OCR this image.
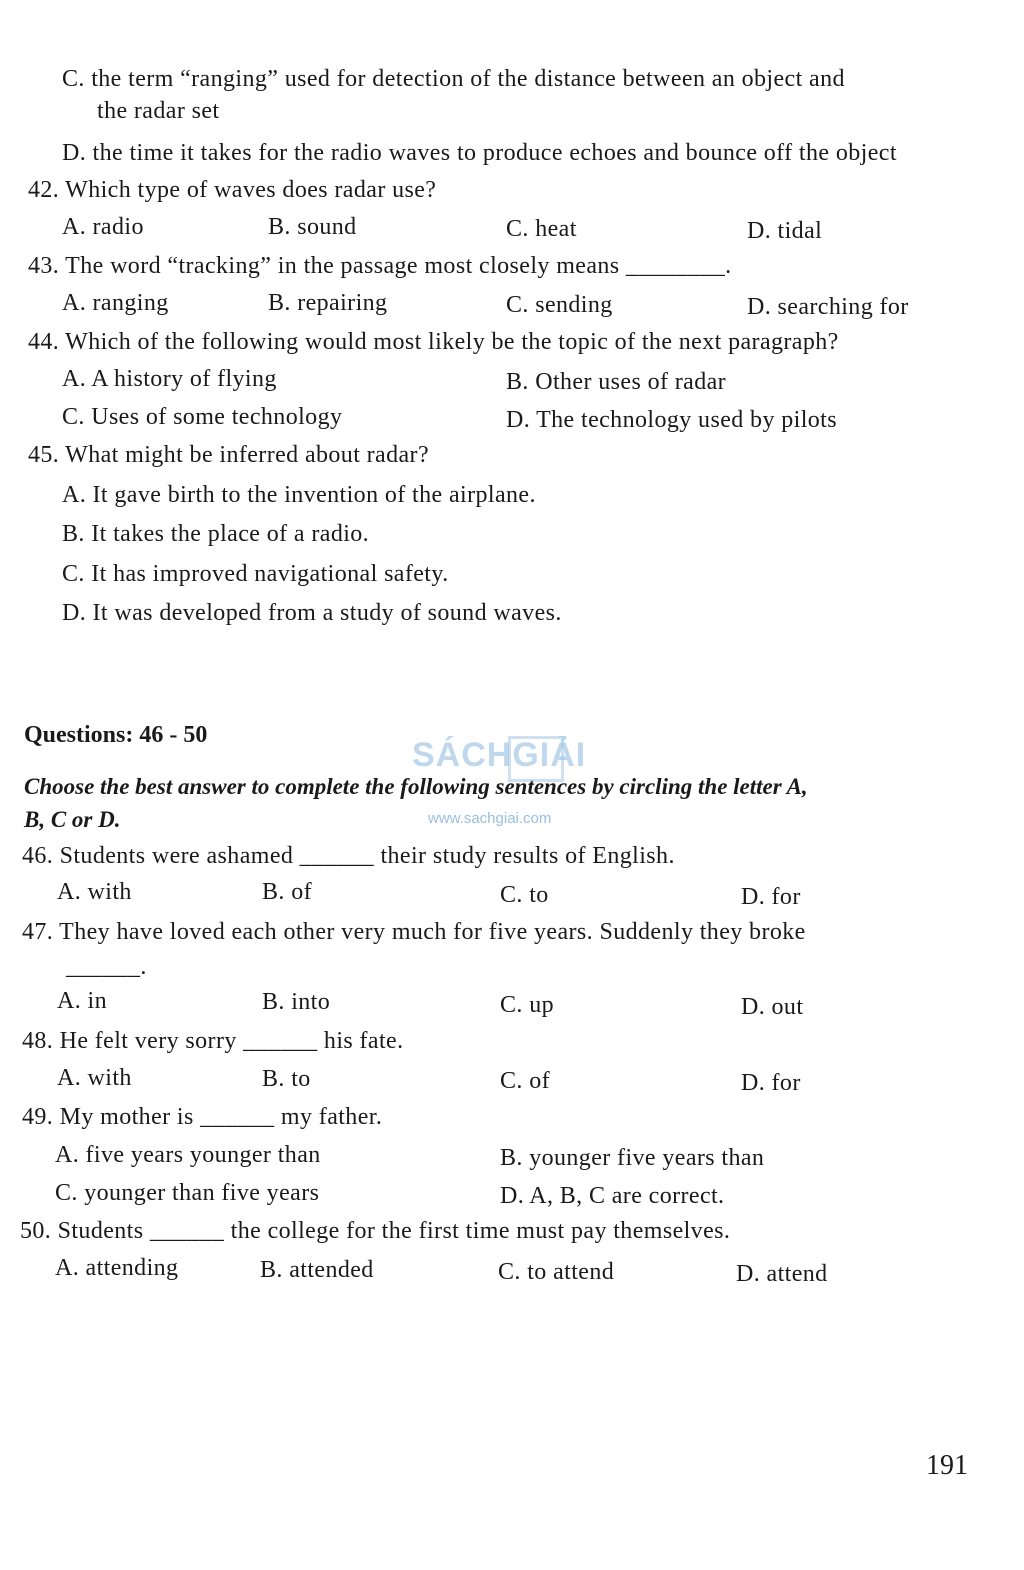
C. the term “ranging” used for detection of the distance between an object and
the radar set
D. the time it takes for the radio waves to produce echoes and bounce off the object
42. Which type of waves does radar use?
A. radio	B. sound	C. heat	D. tidal
43. The word “tracking” in the passage most closely means ________.
A. ranging	B. repairing	C. sending	D. searching for
44. Which of the following would most likely be the topic of the next paragraph?
A. A history of flying	B. Other uses of radar
C. Uses of some technology	D. The technology used by pilots
45. What might be inferred about radar?
A. It gave birth to the invention of the airplane.
B. It takes the place of a radio.
C. It has improved navigational safety.
D. It was developed from a study of sound waves.
Questions: 46 - 50
Choose the best answer to complete the following sentences by circling the letter A,
B, C or D.
SÁCHGIẢI
www.sachgiai.com
46. Students were ashamed ______ their study results of English.
A. with	B. of	C. to	D. for
47. They have loved each other very much for five years. Suddenly they broke
______.
A. in	B. into	C. up	D. out
48. He felt very sorry ______ his fate.
A. with	B. to	C. of	D. for
49. My mother is ______ my father.
A. five years younger than	B. younger five years than
C. younger than five years	D. A, B, C are correct.
50. Students ______ the college for the first time must pay themselves.
A. attending	B. attended	C. to attend	D. attend
191
